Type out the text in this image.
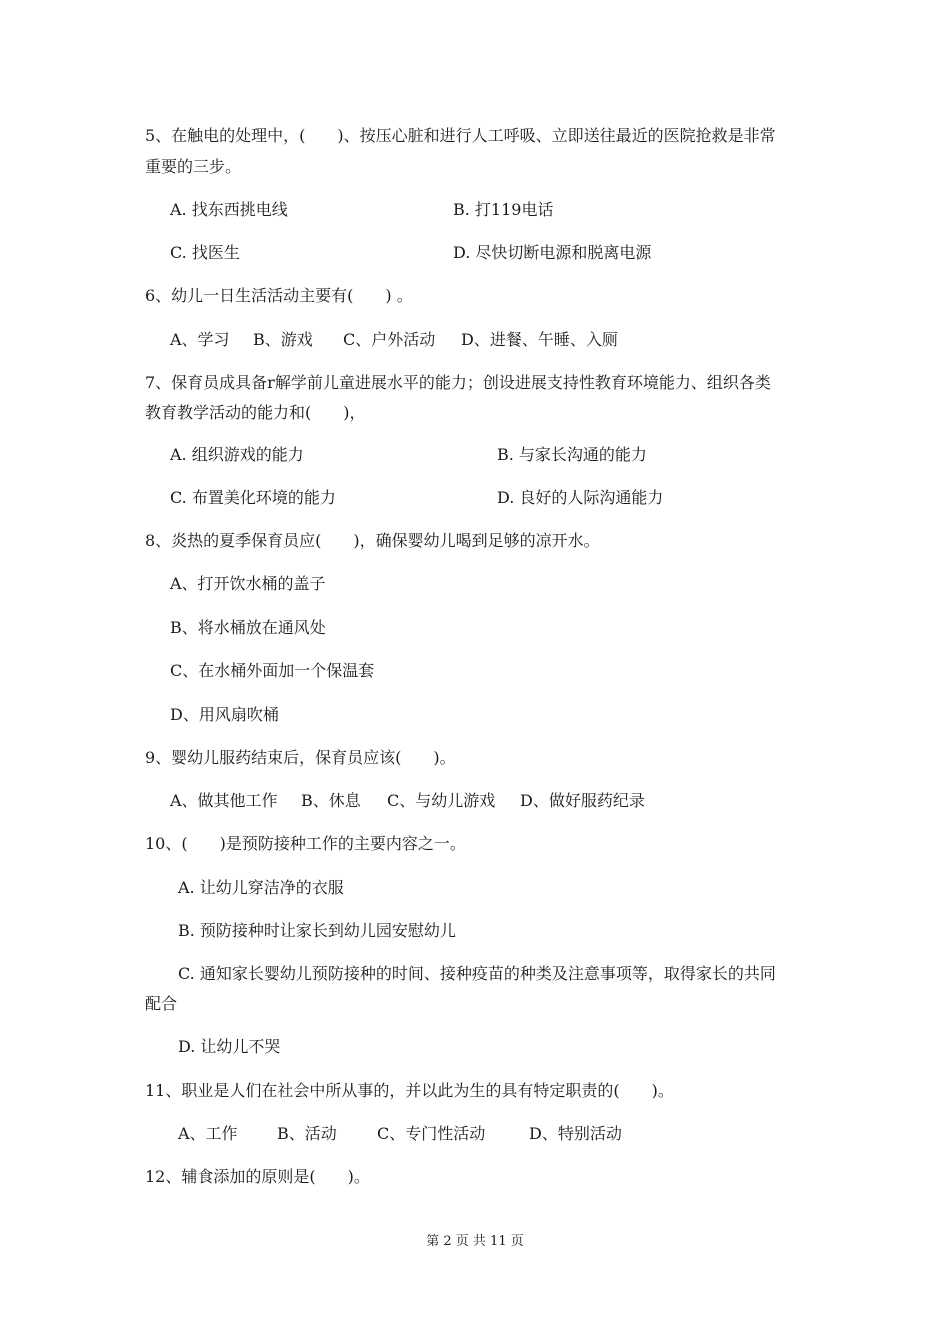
5、在触电的处理中，(　　)、按压心脏和进行人工呼吸、立即送往最近的医院抢救是非常
重要的三步。
A. 找东西挑电线	B. 打119电话
C. 找医生	D. 尽快切断电源和脱离电源
6、幼儿一日生活活动主要有(　　) 。
A、学习 B、游戏 C、户外活动 D、进餐、午睡、入厕
7、保育员成具备r解学前儿童进展水平的能力；创设进展支持性教育环境能力、组织各类
教育教学活动的能力和(　　)，
A. 组织游戏的能力	B. 与家长沟通的能力
C. 布置美化环境的能力	D. 良好的人际沟通能力
8、炎热的夏季保育员应(　　)，确保婴幼儿喝到足够的凉开水。
A、打开饮水桶的盖子
B、将水桶放在通风处
C、在水桶外面加一个保温套
D、用风扇吹桶
9、婴幼儿服药结束后，保育员应该(　　)。
A、做其他工作 B、休息 C、与幼儿游戏 D、做好服药纪录
10、(　　)是预防接种工作的主要内容之一。
A. 让幼儿穿洁净的衣服
B. 预防接种时让家长到幼儿园安慰幼儿
C. 通知家长婴幼儿预防接种的时间、接种疫苗的种类及注意事项等，取得家长的共同
配合
D. 让幼儿不哭
11、职业是人们在社会中所从事的，并以此为生的具有特定职责的(　　)。
A、工作 B、活动	C、专门性活动	D、特别活动
12、辅食添加的原则是(　　)。
第 2 页 共 11 页
